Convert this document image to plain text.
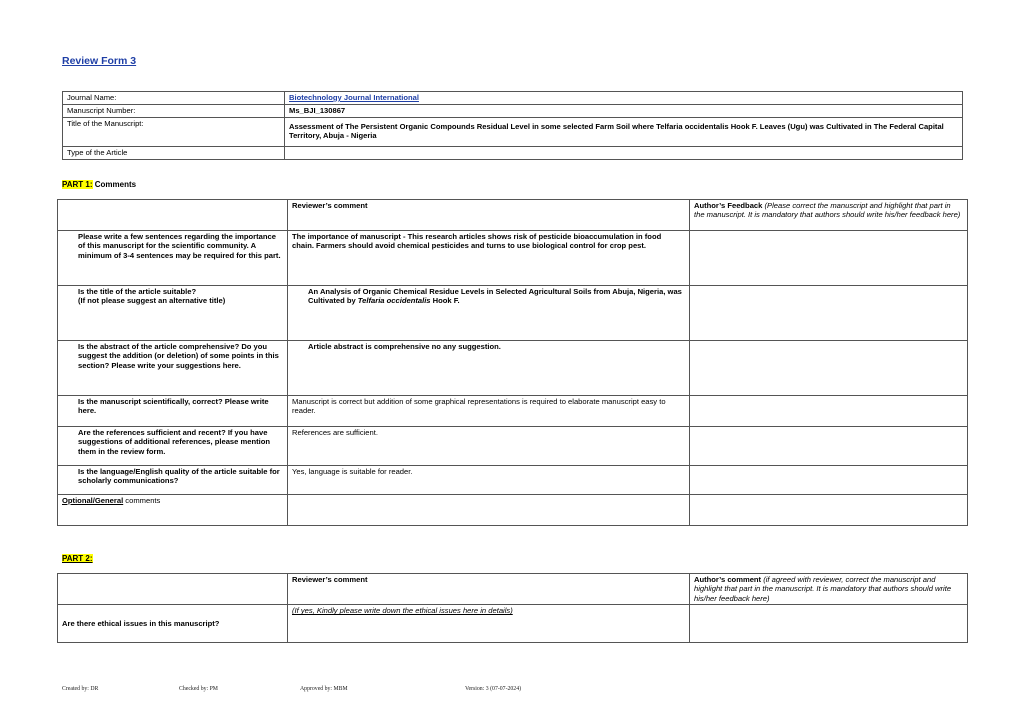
Review Form 3
Journal Name:	Biotechnology Journal International
Manuscript Number:	Ms_BJI_130867
Title of the Manuscript:	Assessment of The Persistent Organic Compounds Residual Level in some selected Farm Soil where Telfaria occidentalis Hook F. Leaves (Ugu) was Cultivated in The Federal Capital Territory, Abuja - Nigeria
Type of the Article	
PART 1: Comments
	Reviewer’s comment	Author’s Feedback (Please correct the manuscript and highlight that part in the manuscript. It is mandatory that authors should write his/her feedback here)
Please write a few sentences regarding the importance of this manuscript for the scientific community. A minimum of 3-4 sentences may be required for this part.	The importance of manuscript - This research articles shows risk of pesticide bioaccumulation in food chain. Farmers should avoid chemical pesticides and turns to use biological control for crop pest.	
Is the title of the article suitable?
(If not please suggest an alternative title)	An Analysis of Organic Chemical Residue Levels in Selected Agricultural Soils from Abuja, Nigeria, was Cultivated by Telfaria occidentalis Hook F.	
Is the abstract of the article comprehensive? Do you suggest the addition (or deletion) of some points in this section? Please write your suggestions here.	Article abstract is comprehensive no any suggestion.	
Is the manuscript scientifically, correct? Please write here.	Manuscript is correct but addition of some graphical representations is required to elaborate manuscript easy to reader.	
Are the references sufficient and recent? If you have suggestions of additional references, please mention them in the review form.	References are sufficient.	
Is the language/English quality of the article suitable for scholarly communications?	Yes, language is suitable for reader.	
Optional/General comments		
PART 2:
	Reviewer’s comment	Author’s comment (if agreed with reviewer, correct the manuscript and highlight that part in the manuscript. It is mandatory that authors should write his/her feedback here)
Are there ethical issues in this manuscript?	(If yes, Kindly please write down the ethical issues here in details)	
Created by: DR	Checked by: PM	Approved by: MBM	Version: 3 (07-07-2024)
